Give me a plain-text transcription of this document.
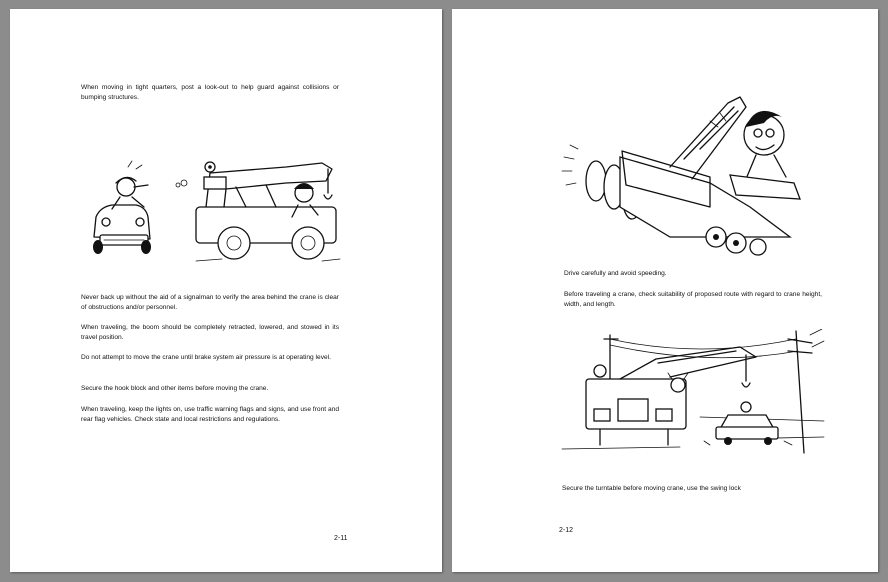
When moving in tight quarters, post a look-out to help guard against collisions or bumping structures.
Never back up without the aid of a signalman to verify the area behind the crane is clear of obstructions and/or personnel.
When traveling, the boom should be completely retracted, lowered, and stowed in its travel position.
Do not attempt to move the crane until brake system air pressure is at operating level.
Secure the hook block and other items before moving the crane.
When traveling, keep the lights on, use traffic warning flags and signs, and use front and rear flag vehicles. Check state and local restrictions and regulations.
2-11
Drive carefully and avoid speeding.
Before traveling a crane, check suitability of proposed route with regard to crane height, width, and length.
Secure the turntable before moving crane, use the swing lock
2-12
